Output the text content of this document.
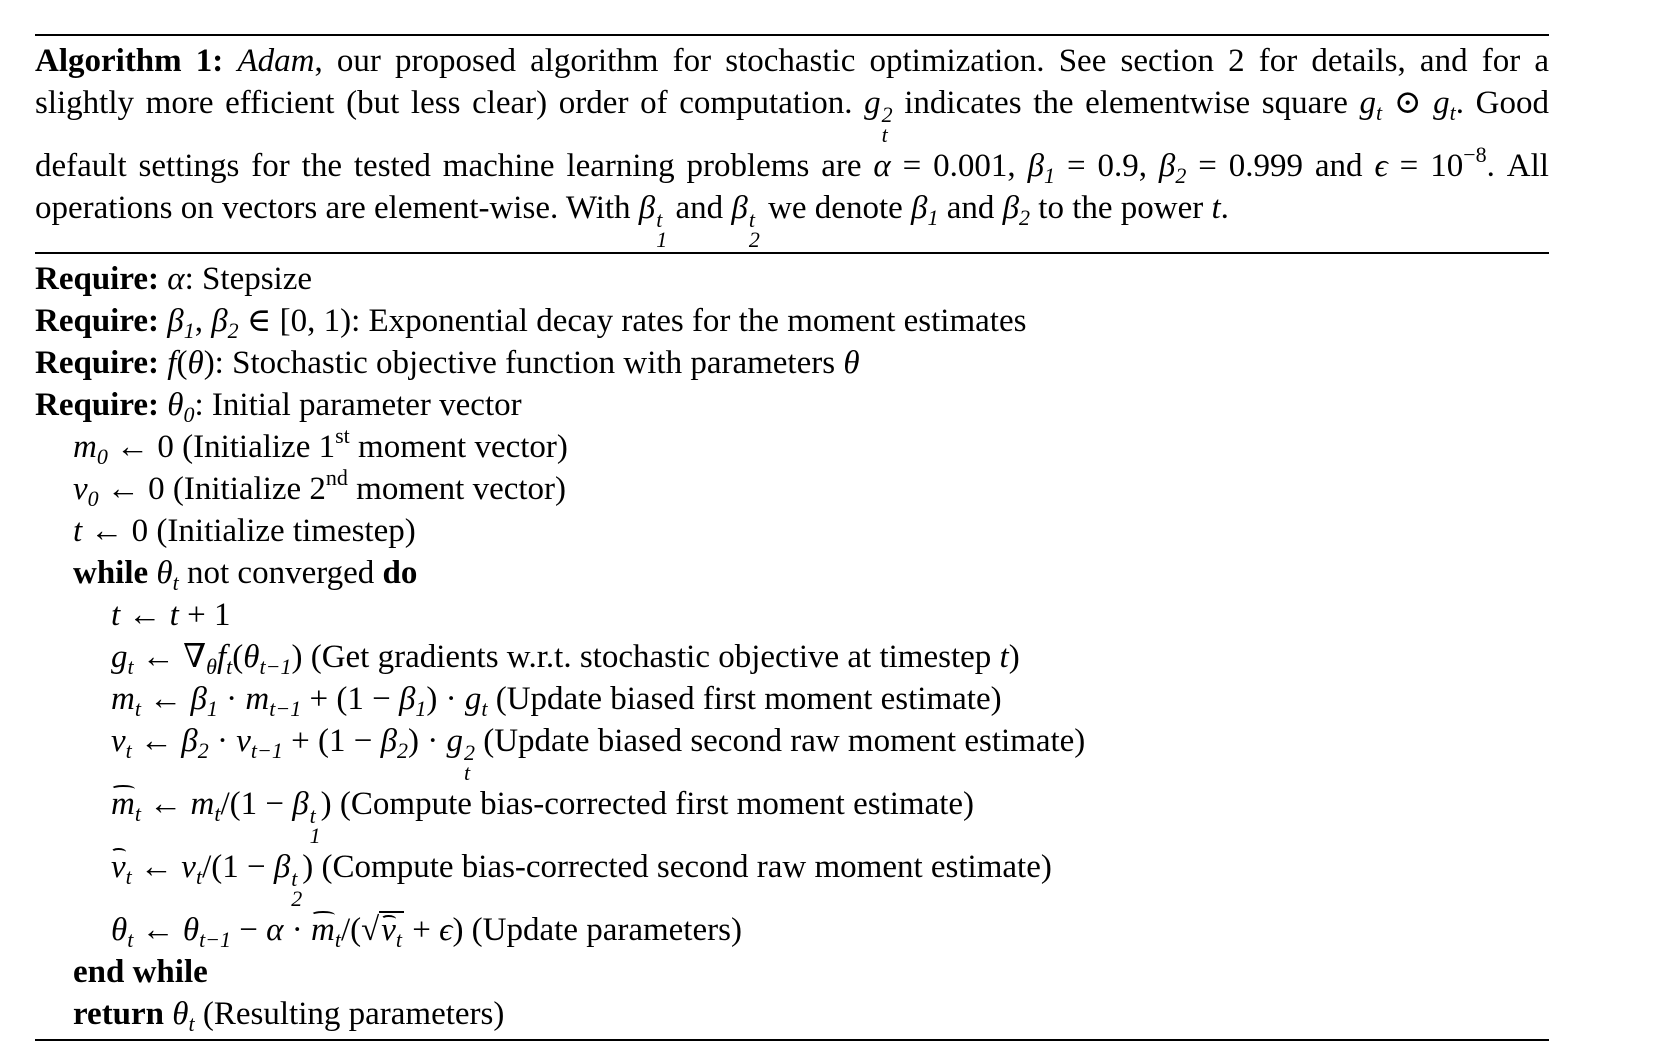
Algorithm 1: Adam, our proposed algorithm for stochastic optimization. See section 2 for details, and for a slightly more efficient (but less clear) order of computation. g 2
t
indicates the elementwise square $g_t$ ⊙ $g_t$. Good default settings for the tested machine learning problems are α = 0.001, $\beta_1 = 0.9$, $\beta_2 = 0.999$ and $\epsilon = 10^{-8}$. All operations on vectors are element-wise. With β t
1
and β t
2
we denote $\beta_1$ and $\beta_2$ to the power t.
Require: α: Stepsize
Require: $\beta_1$, $\beta_2$ ∈ [0, 1): Exponential decay rates for the moment estimates
Require: f(θ): Stochastic objective function with parameters θ
Require: $\theta_0$: Initial parameter vector
$m_0$ ← 0 (Initialize 1st moment vector)
$v_0$ ← 0 (Initialize 2nd moment vector)
t ← 0 (Initialize timestep)
while $\theta_t$ not converged do
t ← t + 1
$g_t$ ← $\nabla_\theta f_t(\theta_{t-1})$ (Get gradients w.r.t. stochastic objective at timestep t)
$m_t$ ← $\beta_1 \cdot m_{t-1} + (1 - \beta_1) \cdot g_t$ (Update biased first moment estimate)
$v_t$ ← $\beta_2 \cdot v_{t-1} + (1 - \beta_2) \cdot g$ 2
t
(Update biased second raw moment estimate)
$m_t$ ← $m_t/(1 - \beta$ t
1
) (Compute bias-corrected first moment estimate)
$v_t$ ← $v_t/(1 - \beta$ t
2
) (Compute bias-corrected second raw moment estimate)
$\theta_t$ ← $\theta_{t-1} - \alpha \cdot m_t/(√v_t + \epsilon)$ (Update parameters)
end while
return $\theta_t$ (Resulting parameters)
